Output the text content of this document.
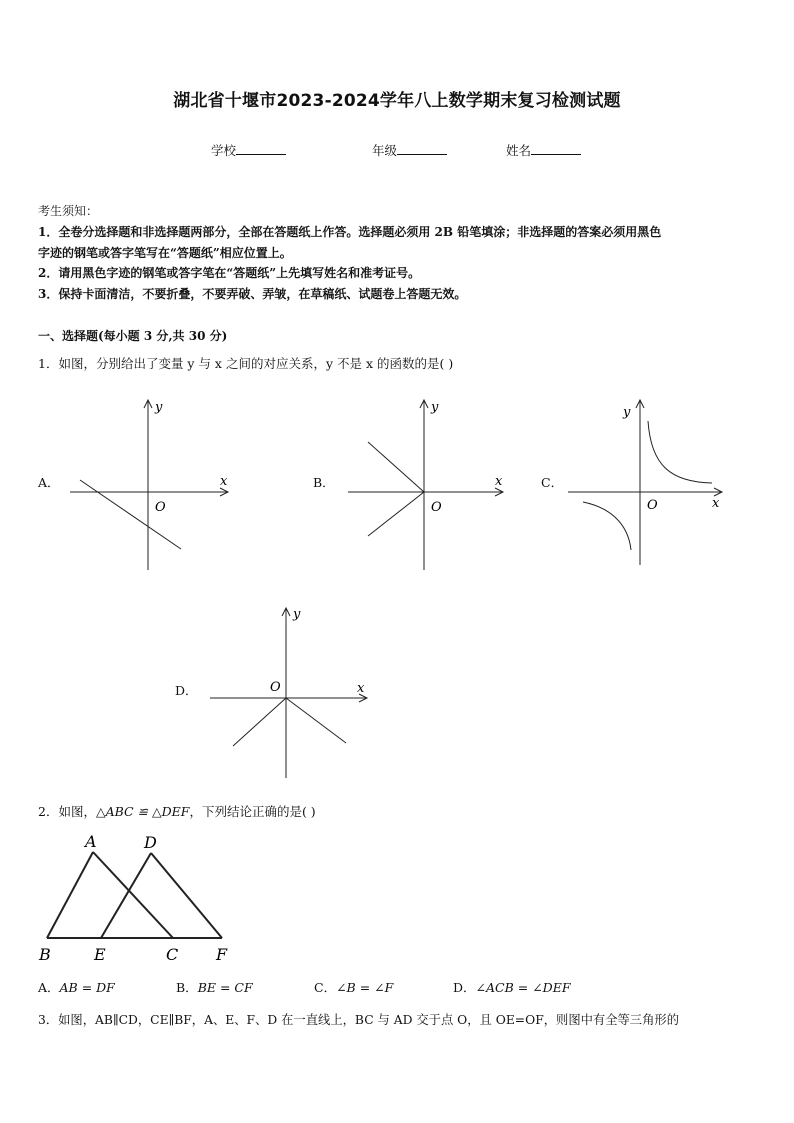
湖北省十堰市2023-2024学年八上数学期末复习检测试题
学校	年级	姓名
考生须知：
1．全卷分选择题和非选择题两部分，全部在答题纸上作答。选择题必须用 2B 铅笔填涂；非选择题的答案必须用黑色
字迹的钢笔或答字笔写在“答题纸”相应位置上。
2．请用黑色字迹的钢笔或答字笔在“答题纸”上先填写姓名和准考证号。
3．保持卡面清洁，不要折叠，不要弄破、弄皱，在草稿纸、试题卷上答题无效。
一、选择题(每小题 3 分,共 30 分)
1．如图，分别给出了变量 y 与 x 之间的对应关系，y 不是 x 的函数的是( )
A．	B．	C．
D．
y
x
O
y
x
O
y
x
O
y
x
O
2．如图，△ABC ≌ △DEF，下列结论正确的是( )
A	D
B	E	C F
A．AB = DF	B．BE = CF	C．∠B = ∠F	D．∠ACB = ∠DEF
3．如图，AB∥CD，CE∥BF，A、E、F、D 在一直线上，BC 与 AD 交于点 O，且 OE=OF，则图中有全等三角形的
